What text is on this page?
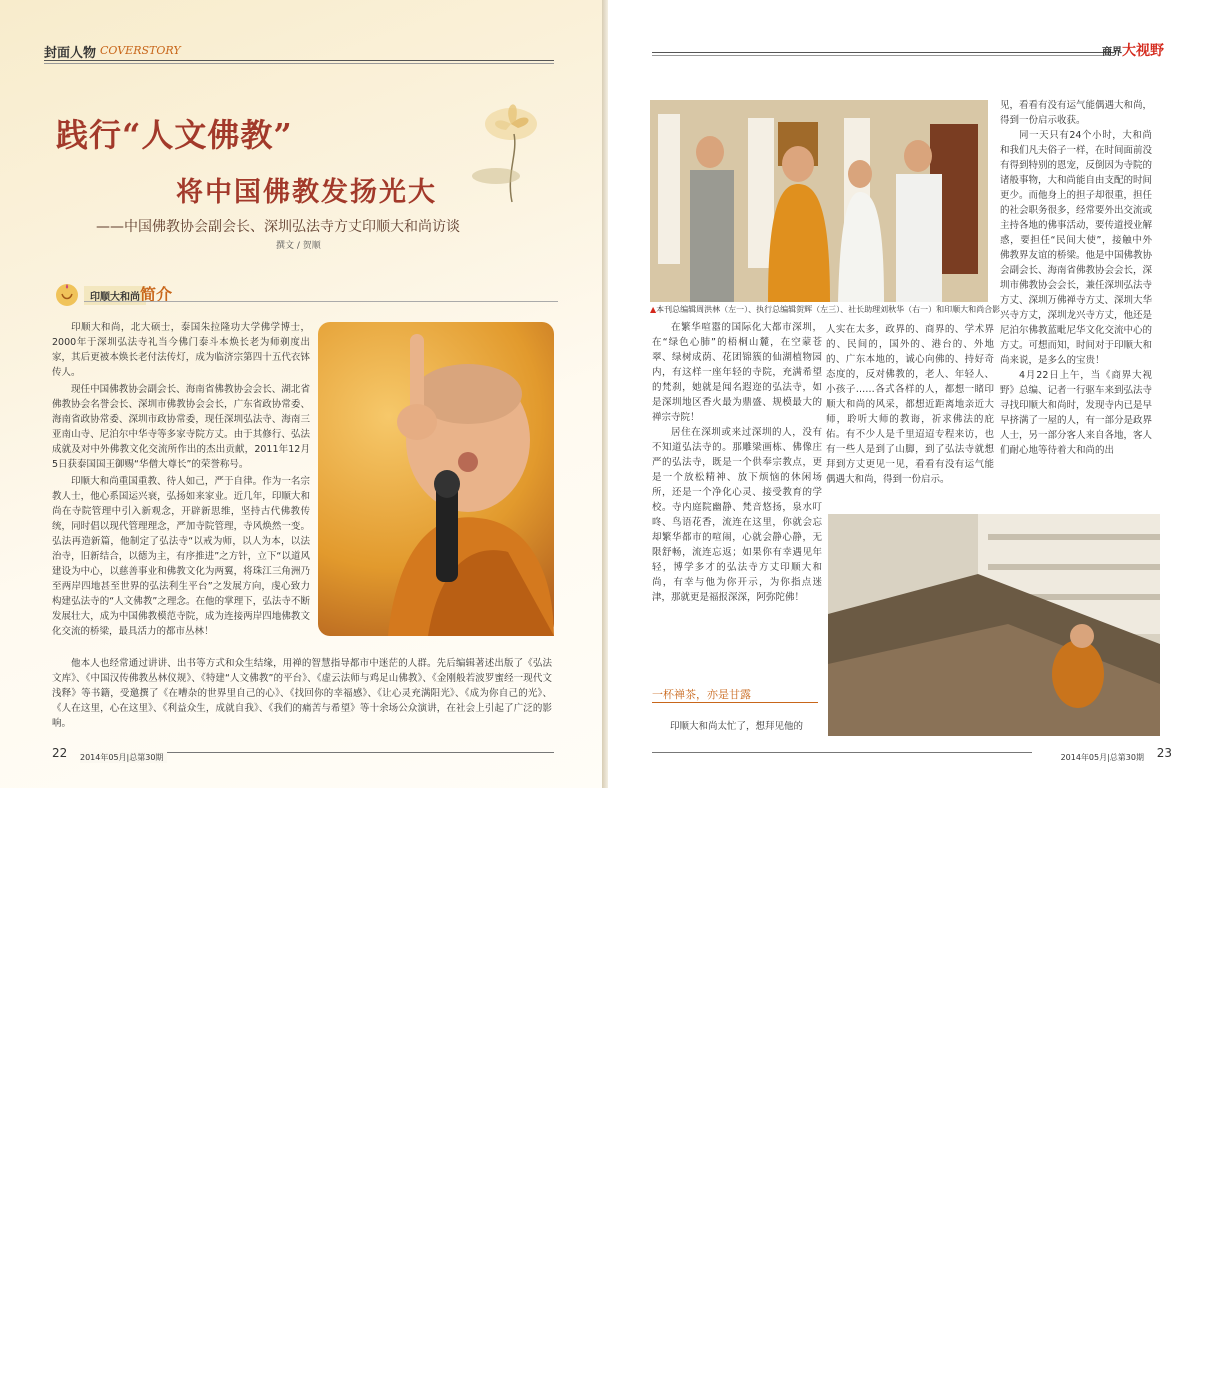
封面人物 COVERSTORY
践行“人文佛教”
将中国佛教发扬光大
——中国佛教协会副会长、深圳弘法寺方丈印顺大和尚访谈
撰文 / 贺顺
印顺大和尚 简介

印顺大和尚，北大硕士，泰国朱拉隆功大学佛学博士，2000年于深圳弘法寺礼当今佛门泰斗本焕长老为师剃度出家，其后更被本焕长老付法传灯，成为临济宗第四十五代衣钵传人。

现任中国佛教协会副会长、海南省佛教协会会长、湖北省佛教协会名誉会长、深圳市佛教协会会长，广东省政协常委、海南省政协常委、深圳市政协常委，现任深圳弘法寺、海南三亚南山寺、尼泊尔中华寺等多家寺院方丈。由于其修行、弘法成就及对中外佛教文化交流所作出的杰出贡献，2011年12月5日获泰国国王御赐“华僧大尊长”的荣誉称号。

印顺大和尚重国重教、待人如己，严于自律。作为一名宗教人士，他心系国运兴衰，弘扬如来家业。近几年，印顺大和尚在寺院管理中引入新观念，开辟新思维，坚持古代佛教传统，同时倡以现代管理理念，严加寺院管理，寺风焕然一变。弘法再造新篇，他制定了弘法寺“以戒为师，以人为本，以法治寺，旧新结合，以德为主，有序推进”之方针，立下“以道风建设为中心，以慈善事业和佛教文化为两翼，将珠江三角洲乃至两岸四地甚至世界的弘法利生平台”之发展方向，虔心致力构建弘法寺的“人文佛教”之理念。在他的掌理下，弘法寺不断发展壮大，成为中国佛教模范寺院，成为连接两岸四地佛教文化交流的桥梁，最具活力的都市丛林！

他本人也经常通过讲讲、出书等方式和众生结缘，用禅的智慧指导都市中迷茫的人群。先后编辑著述出版了《弘法文库》、《中国汉传佛教丛林仪规》、《特建“人文佛教”的平台》、《虚云法师与鸡足山佛教》、《金刚般若波罗蜜经一现代文浅释》等书籍，受邀撰了《在嘈杂的世界里自己的心》、《找回你的幸福感》、《让心灵充满阳光》、《成为你自己的光》、《人在这里，心在这里》、《利益众生，成就自我》、《我们的痛苦与希望》等十余场公众演讲，在社会上引起了广泛的影响。

22 2014年05月|总第30期
商界大视野
▲本刊总编辑周洪林（左一）、执行总编辑贺辉（左三）、社长助理刘秋华（右一）和印顺大和尚合影

在繁华喧嚣的国际化大都市深圳，在“绿色心肺”的梧桐山麓，在空蒙苍翠、绿树成荫、花团锦簇的仙湖植物园内，有这样一座年轻的寺院，充满希望的梵刹，她就是闻名遐迩的弘法寺，如是深圳地区香火最为鼎盛、规模最大的禅宗寺院！

居住在深圳或来过深圳的人，没有不知道弘法寺的。那雕梁画栋、佛像庄严的弘法寺，既是一个供奉宗教点，更是一个放松精神、放下烦恼的休闲场所，还是一个净化心灵、接受教育的学校。寺内庭院幽静、梵音悠扬，泉水叮咚、鸟语花香，流连在这里，你就会忘却繁华都市的喧闹，心就会静心静，无限舒畅，流连忘返；如果你有幸遇见年轻，博学多才的弘法寺方丈印顺大和尚，有幸与他为你开示，为你指点迷津，那就更是福报深深，阿弥陀佛！

人实在太多，政界的、商界的、学术界的、民间的，国外的、港台的、外地的、广东本地的，诚心向佛的、持好奇态度的，反对佛教的，老人、年轻人、小孩子……各式各样的人，都想一睹印顺大和尚的风采，都想近距离地亲近大师，聆听大师的教诲，祈求佛法的庇佑。有不少人是千里迢迢专程来访，也有一些人是到了山脚，到了弘法寺就想拜到方丈更见一见，看看有没有运气能偶遇大和尚，得到一份启示。

见，看看有没有运气能偶遇大和尚，得到一份启示收获。

同一天只有24个小时，大和尚和我们凡夫俗子一样，在时间面前没有得到特别的恩宠，反倒因为寺院的诸般事物，大和尚能自由支配的时间更少。而他身上的担子却很重，担任的社会职务很多，经常要外出交流或主持各地的佛事活动，要传道授业解惑，要担任“民间大使”，接触中外佛教界友谊的桥梁。他是中国佛教协会副会长、海南省佛教协会会长，深圳市佛教协会会长，兼任深圳弘法寺方丈、深圳万佛禅寺方丈、深圳大华兴寺方丈，深圳龙兴寺方丈，他还是尼泊尔佛教蓝毗尼华文化交流中心的方丈。可想而知，时间对于印顺大和尚来说，是多么的宝贵！

4月22日上午，当《商界大视野》总编、记者一行驱车来到弘法寺寻找印顺大和尚时，发现寺内已是早早挤满了一屋的人，有一部分是政界人士，另一部分客人来自各地，客人们耐心地等待着大和尚的出

一杯禅茶，亦是甘露
印顺大和尚太忙了，想拜见他的
印顺大和尚给八关斋戒的学员开示
2014年05月|总第30期 23
